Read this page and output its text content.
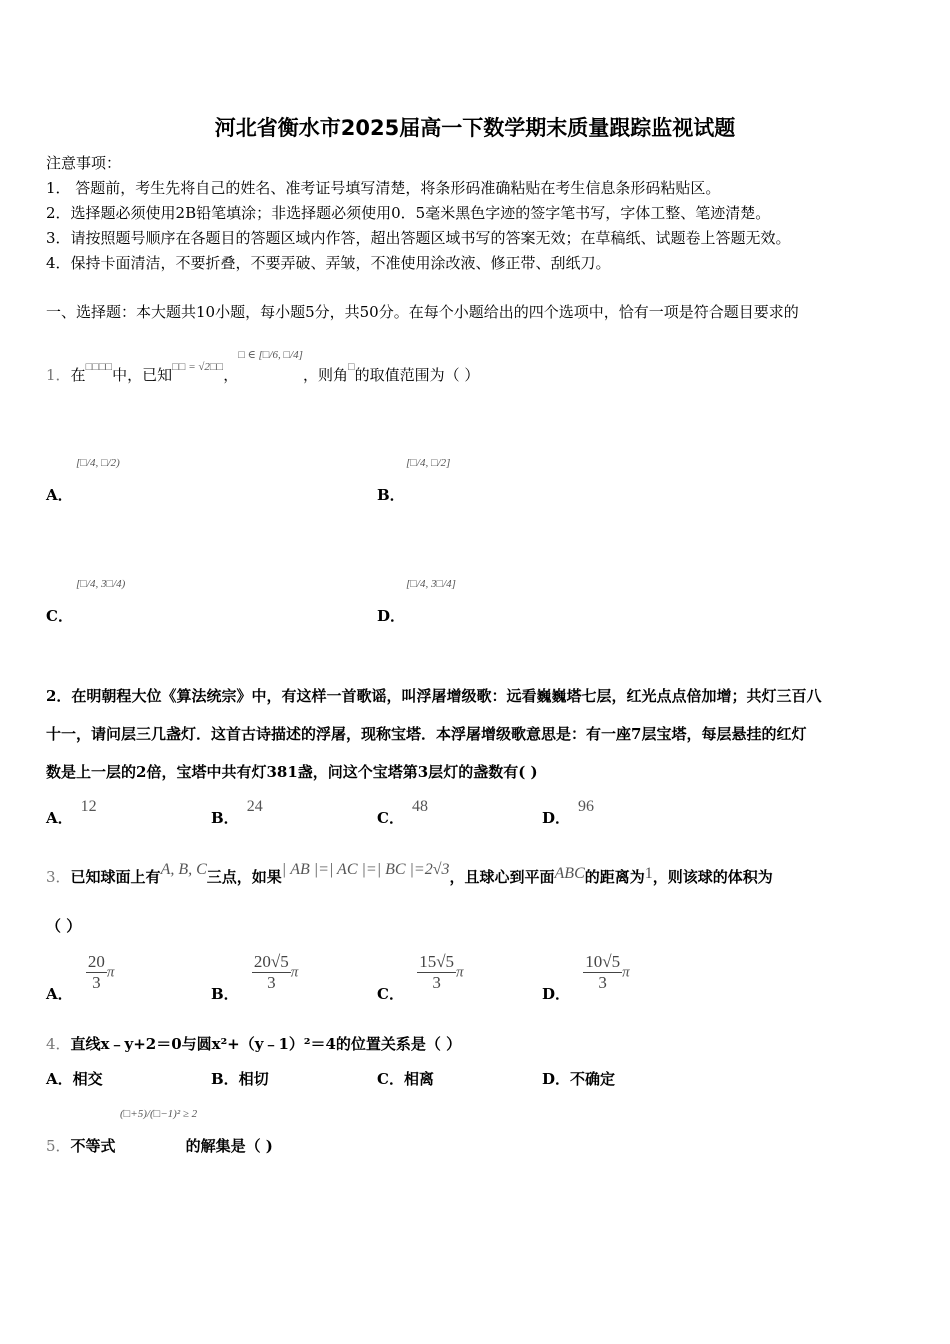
河北省衡水市2025届高一下数学期末质量跟踪监视试题
注意事项：
1． 答题前，考生先将自己的姓名、准考证号填写清楚，将条形码准确粘贴在考生信息条形码粘贴区。
2．选择题必须使用2B铅笔填涂；非选择题必须使用0．5毫米黑色字迹的签字笔书写，字体工整、笔迹清楚。
3．请按照题号顺序在各题目的答题区域内作答，超出答题区域书写的答案无效；在草稿纸、试题卷上答题无效。
4．保持卡面清洁，不要折叠，不要弄破、弄皱，不准使用涂改液、修正带、刮纸刀。
一、选择题：本大题共10小题，每小题5分，共50分。在每个小题给出的四个选项中，恰有一项是符合题目要求的
1．在□□□□中，已知$^{□□ = √2□□}$，$^{□ \in [□/6, □/4]}$，则角□的取值范围为（ ）
[□/4, □/2)
A．
[□/4, □/2]
B．
[□/4, 3□/4)
C．
[□/4, 3□/4]
D．
2．在明朝程大位《算法统宗》中，有这样一首歌谣，叫浮屠增级歌：远看巍巍塔七层，红光点点倍加增；共灯三百八
十一，请问层三几盏灯．这首古诗描述的浮屠，现称宝塔．本浮屠增级歌意思是：有一座7层宝塔，每层悬挂的红灯
数是上一层的2倍，宝塔中共有灯381盏，问这个宝塔第3层灯的盏数有( )
A．12
B．24
C．48
D．96
3．已知球面上有A, B, C三点，如果| AB |=| AC |=| BC |=2√3，且球心到平面ABC的距离为1，则该球的体积为
（ ）
A．
$\frac{20}{3}$ π
B．
$\frac{20√5}{3}$ π
C．
$\frac{15√5}{3}$ π
D．
$\frac{10√5}{3}$ π
4．直线x﹣y+2＝0与圆x²+（y﹣1）²＝4的位置关系是（ ）
A．相交	B．相切	C．相离	D．不确定
(□+5)/(□−1)² ≥ 2
5．不等式	的解集是（ )
